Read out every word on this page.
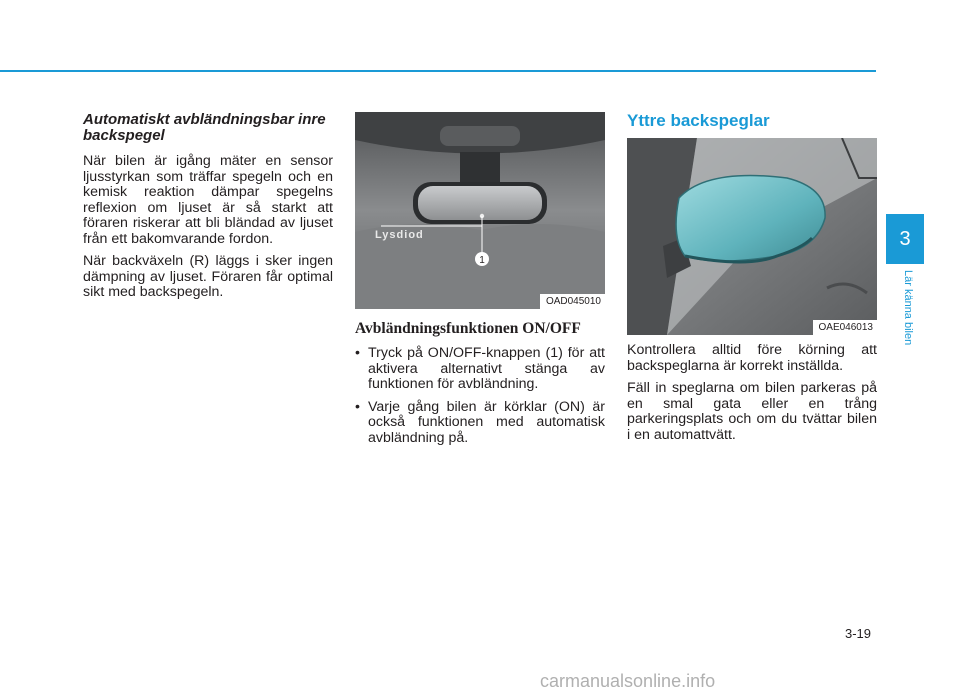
Automatiskt avbländningsbar inre backspegel

När bilen är igång mäter en sensor ljusstyrkan som träffar spegeln och en kemisk reaktion dämpar spegelns reflexion om ljuset är så starkt att föraren riskerar att bli bländad av ljuset från ett bakomvarande fordon.

När backväxeln (R) läggs i sker ingen dämpning av ljuset. Föraren får optimal sikt med backspegeln.

Lysdiod
1
OAD045010
Avbländningsfunktionen ON/OFF
• Tryck på ON/OFF-knappen (1) för att aktivera alternativt stänga av funktionen för avbländning.
• Varje gång bilen är körklar (ON) är också funktionen med automatisk avbländning på.
Yttre backspeglar
OAE046013

Kontrollera alltid före körning att backspeglarna är korrekt inställda.

Fäll in speglarna om bilen parkeras på en smal gata eller en trång parkeringsplats och om du tvättar bilen i en automattvätt.

3
Lär känna bilen
3-19
carmanualsonline.info
